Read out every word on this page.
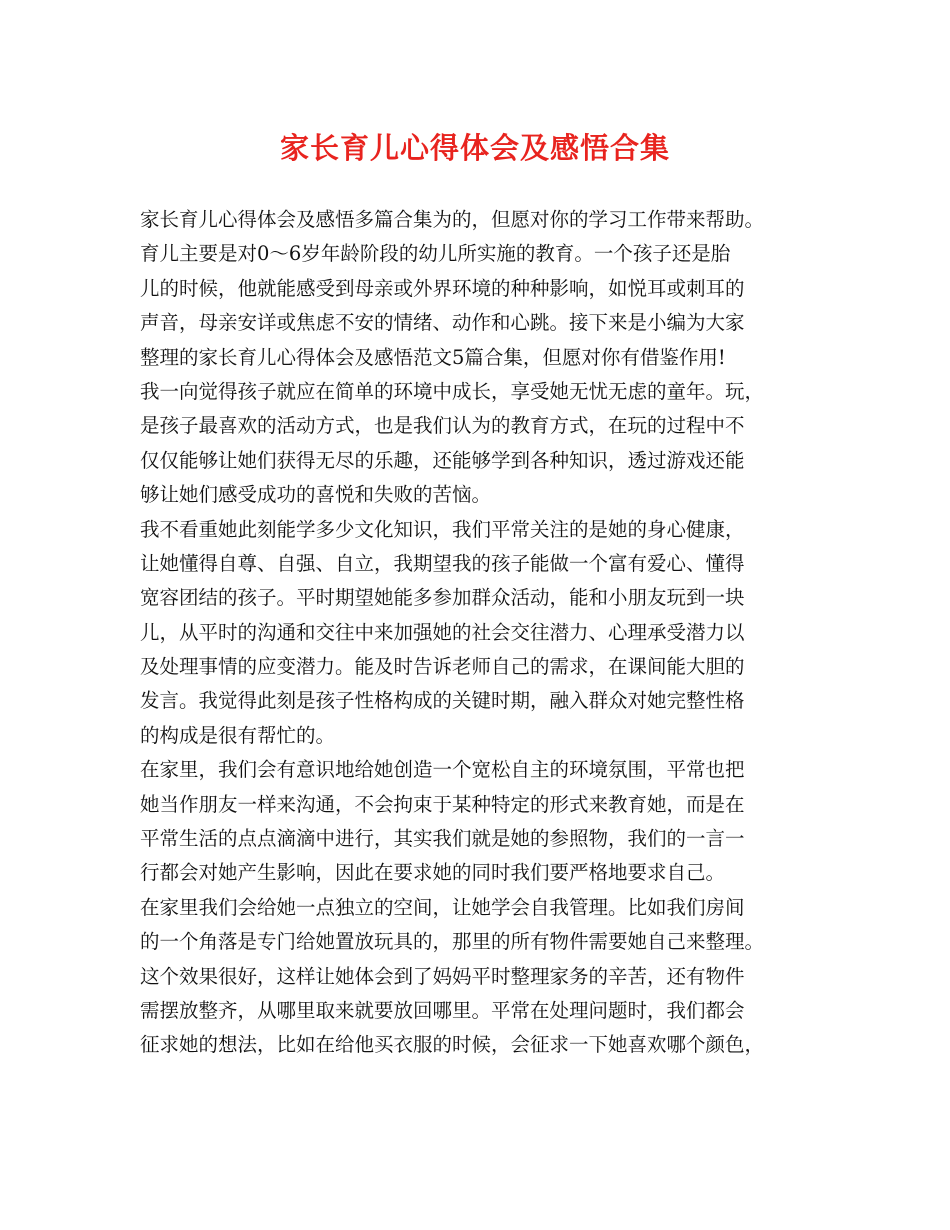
家长育儿心得体会及感悟合集
家长育儿心得体会及感悟多篇合集为的，但愿对你的学习工作带来帮助。
育儿主要是对0～6岁年龄阶段的幼儿所实施的教育。一个孩子还是胎
儿的时候，他就能感受到母亲或外界环境的种种影响，如悦耳或刺耳的
声音，母亲安详或焦虑不安的情绪、动作和心跳。接下来是小编为大家
整理的家长育儿心得体会及感悟范文5篇合集，但愿对你有借鉴作用!
我一向觉得孩子就应在简单的环境中成长，享受她无忧无虑的童年。玩，
是孩子最喜欢的活动方式，也是我们认为的教育方式，在玩的过程中不
仅仅能够让她们获得无尽的乐趣，还能够学到各种知识，透过游戏还能
够让她们感受成功的喜悦和失败的苦恼。
我不看重她此刻能学多少文化知识，我们平常关注的是她的身心健康，
让她懂得自尊、自强、自立，我期望我的孩子能做一个富有爱心、懂得
宽容团结的孩子。平时期望她能多参加群众活动，能和小朋友玩到一块
儿，从平时的沟通和交往中来加强她的社会交往潜力、心理承受潜力以
及处理事情的应变潜力。能及时告诉老师自己的需求，在课间能大胆的
发言。我觉得此刻是孩子性格构成的关键时期，融入群众对她完整性格
的构成是很有帮忙的。
在家里，我们会有意识地给她创造一个宽松自主的环境氛围，平常也把
她当作朋友一样来沟通，不会拘束于某种特定的形式来教育她，而是在
平常生活的点点滴滴中进行，其实我们就是她的参照物，我们的一言一
行都会对她产生影响，因此在要求她的同时我们要严格地要求自己。
在家里我们会给她一点独立的空间，让她学会自我管理。比如我们房间
的一个角落是专门给她置放玩具的，那里的所有物件需要她自己来整理。
这个效果很好，这样让她体会到了妈妈平时整理家务的辛苦，还有物件
需摆放整齐，从哪里取来就要放回哪里。平常在处理问题时，我们都会
征求她的想法，比如在给他买衣服的时候，会征求一下她喜欢哪个颜色，
